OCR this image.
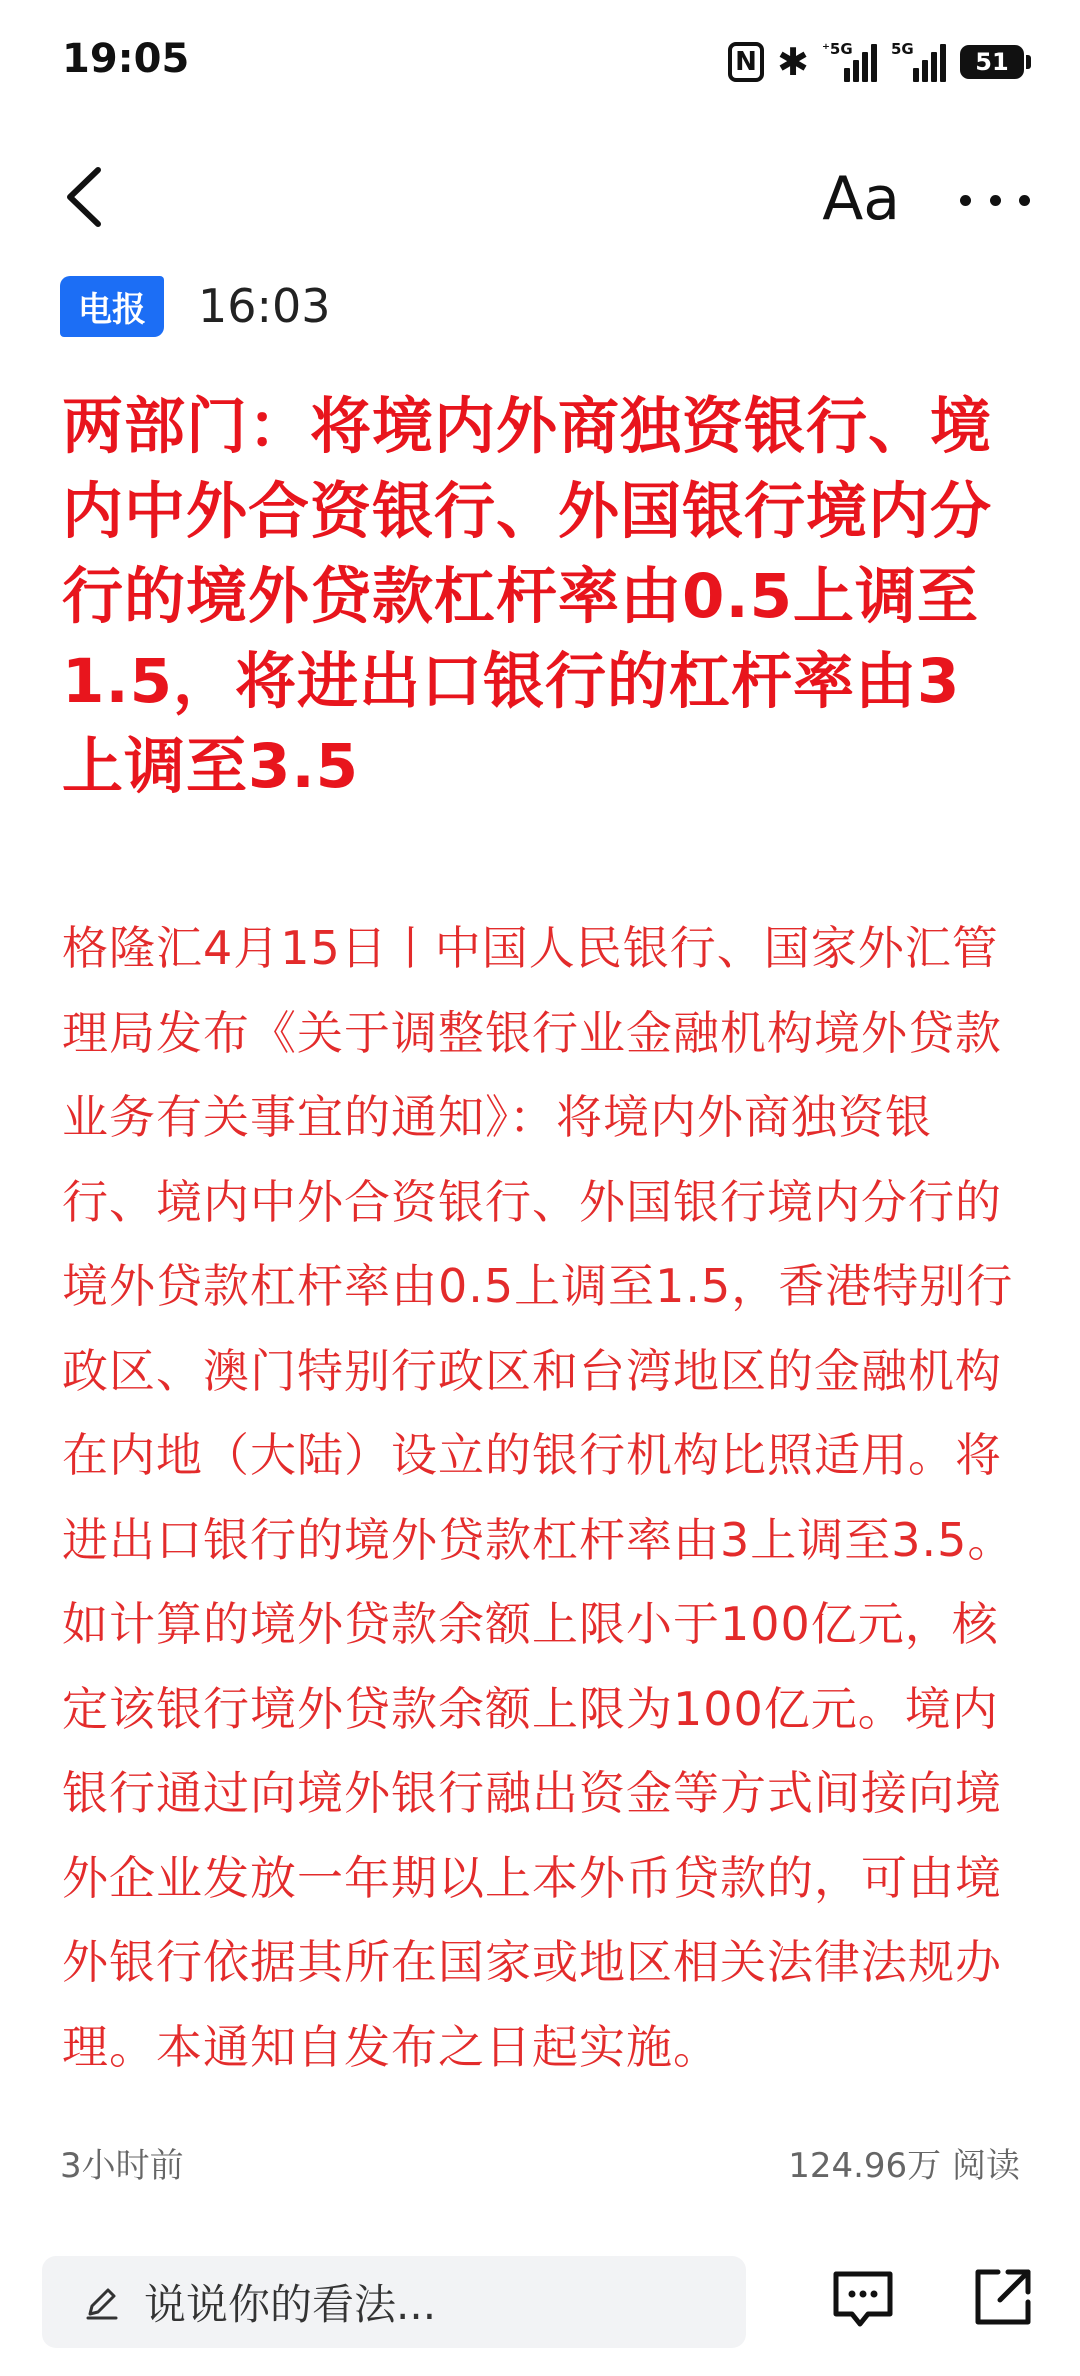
19:05	N ✱ ⁺5G	5G	51
Aa
电报	16:03
两部门：将境内外商独资银行、境内中外合资银行、外国银行境内分行的境外贷款杠杆率由0.5上调至1.5，将进出口银行的杠杆率由3上调至3.5

格隆汇4月15日丨中国人民银行、国家外汇管理局发布《关于调整银行业金融机构境外贷款业务有关事宜的通知》：将境内外商独资银行、境内中外合资银行、外国银行境内分行的境外贷款杠杆率由0.5上调至1.5，香港特别行政区、澳门特别行政区和台湾地区的金融机构在内地（大陆）设立的银行机构比照适用。将进出口银行的境外贷款杠杆率由3上调至3.5。如计算的境外贷款余额上限小于100亿元，核定该银行境外贷款余额上限为100亿元。境内银行通过向境外银行融出资金等方式间接向境外企业发放一年期以上本外币贷款的，可由境外银行依据其所在国家或地区相关法律法规办理。本通知自发布之日起实施。

3小时前	124.96万 阅读
说说你的看法...
